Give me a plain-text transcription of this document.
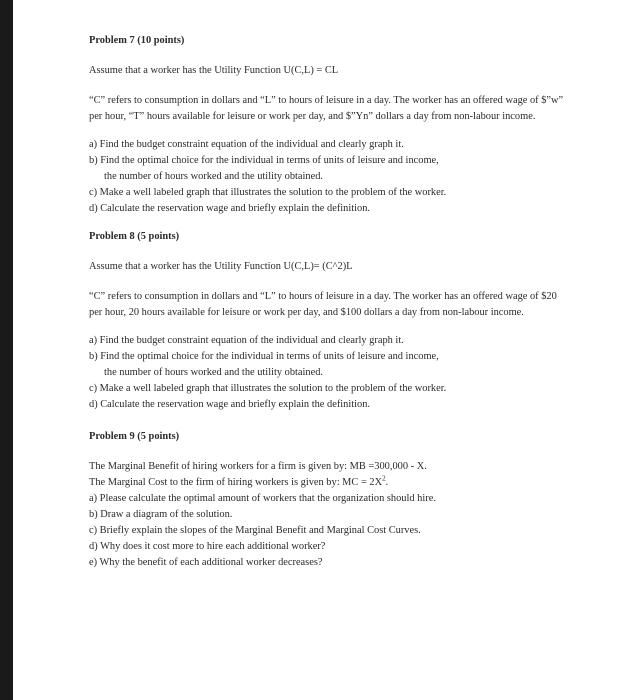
Problem 7 (10 points)

Assume that a worker has the Utility Function U(C,L) = CL

“C” refers to consumption in dollars and “L” to hours of leisure in a day. The worker has an offered wage of $”w” per hour, “T” hours available for leisure or work per day, and $”Yn” dollars a day from non-labour income.

a) Find the budget constraint equation of the individual and clearly graph it.

b) Find the optimal choice for the individual in terms of units of leisure and income,

the number of hours worked and the utility obtained.

c) Make a well labeled graph that illustrates the solution to the problem of the worker.

d) Calculate the reservation wage and briefly explain the definition.

Problem 8 (5 points)

Assume that a worker has the Utility Function U(C,L)= (C^2)L

“C” refers to consumption in dollars and “L” to hours of leisure in a day. The worker has an offered wage of $20 per hour, 20 hours available for leisure or work per day, and $100 dollars a day from non-labour income.

a) Find the budget constraint equation of the individual and clearly graph it.

b) Find the optimal choice for the individual in terms of units of leisure and income,

the number of hours worked and the utility obtained.

c) Make a well labeled graph that illustrates the solution to the problem of the worker.

d) Calculate the reservation wage and briefly explain the definition.

Problem 9 (5 points)

The Marginal Benefit of hiring workers for a firm is given by: MB =300,000 - X.

The Marginal Cost to the firm of hiring workers is given by: MC = $2X^2$.

a) Please calculate the optimal amount of workers that the organization should hire.

b) Draw a diagram of the solution.

c) Briefly explain the slopes of the Marginal Benefit and Marginal Cost Curves.

d) Why does it cost more to hire each additional worker?

e) Why the benefit of each additional worker decreases?
